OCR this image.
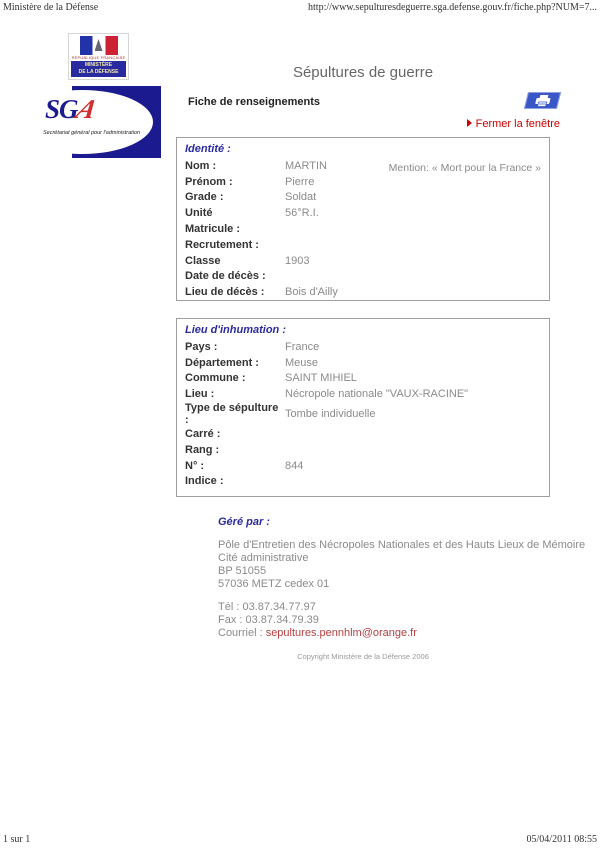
Ministère de la Défense	http://www.sepulturesdeguerre.sga.defense.gouv.fr/fiche.php?NUM=7...
RÉPUBLIQUE FRANÇAISE
MINISTÈRE
DE LA DÉFENSE	Sépultures de guerre
Fiche de renseignements
Fermer la fenêtre
SGA
Secrétariat général pour l'administration
Identité :
Mention: « Mort pour la France »
Nom :	MARTIN
Prénom :	Pierre
Grade :	Soldat
Unité	56°R.I.
Matricule :
Recrutement :
Classe	1903
Date de décès :
Lieu de décès :	Bois d'Ailly
Lieu d'inhumation :
Pays :	France
Département :	Meuse
Commune :	SAINT MIHIEL
Lieu :	Nécropole nationale "VAUX-RACINE"
Type de sépulture :	Tombe individuelle
Carré :
Rang :
N° :	844
Indice :
Géré par :
Pôle d'Entretien des Nécropoles Nationales et des Hauts Lieux de Mémoire
Cité administrative
BP 51055
57036 METZ cedex 01
Tél : 03.87.34.77.97
Fax : 03.87.34.79.39
Courriel : sepultures.pennhlm@orange.fr
Copyright Ministère de la Défense 2006
1 sur 1	05/04/2011 08:55
